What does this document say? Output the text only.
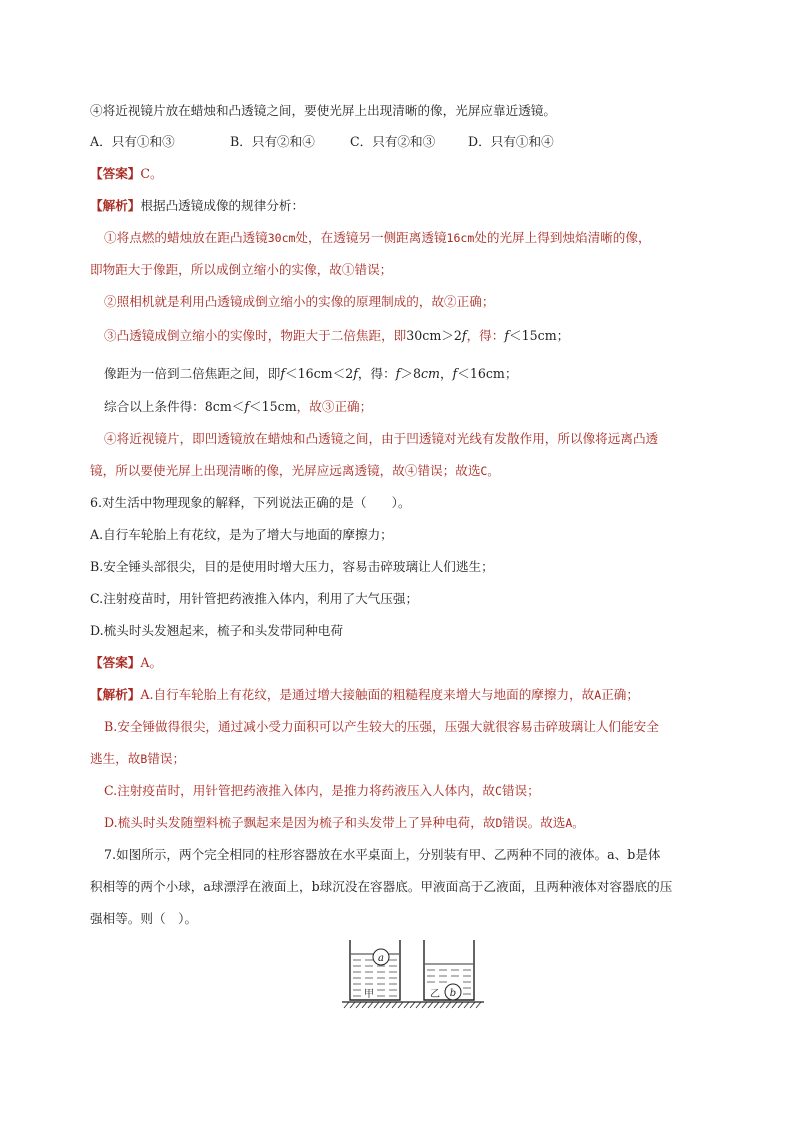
④将近视镜片放在蜡烛和凸透镜之间，要使光屏上出现清晰的像，光屏应靠近透镜。
A．只有①和③	B．只有②和④	C．只有②和③	D．只有①和④
【答案】C。
【解析】根据凸透镜成像的规律分析：
①将点燃的蜡烛放在距凸透镜30cm处，在透镜另一侧距离透镜16cm处的光屏上得到烛焰清晰的像，
即物距大于像距，所以成倒立缩小的实像，故①错误；
②照相机就是利用凸透镜成倒立缩小的实像的原理制成的，故②正确；
③凸透镜成倒立缩小的实像时，物距大于二倍焦距，即30cm＞2f，得：f＜15cm；
像距为一倍到二倍焦距之间，即f＜16cm＜2f，得：f＞8cm，f＜16cm；
综合以上条件得：8cm＜f＜15cm，故③正确；
④将近视镜片，即凹透镜放在蜡烛和凸透镜之间，由于凹透镜对光线有发散作用，所以像将远离凸透
镜，所以要使光屏上出现清晰的像，光屏应远离透镜，故④错误；故选C。
6.对生活中物理现象的解释，下列说法正确的是（　　）。
A.自行车轮胎上有花纹，是为了增大与地面的摩擦力；
B.安全锤头部很尖，目的是使用时增大压力，容易击碎玻璃让人们逃生；
C.注射疫苗时，用针管把药液推入体内，利用了大气压强；
D.梳头时头发翘起来，梳子和头发带同种电荷
【答案】A。
【解析】A.自行车轮胎上有花纹，是通过增大接触面的粗糙程度来增大与地面的摩擦力，故A正确；
B.安全锤做得很尖，通过减小受力面积可以产生较大的压强，压强大就很容易击碎玻璃让人们能安全
逃生，故B错误；
C.注射疫苗时，用针管把药液推入体内，是推力将药液压入人体内，故C错误；
D.梳头时头发随塑料梳子飘起来是因为梳子和头发带上了异种电荷，故D错误。故选A。
7.如图所示，两个完全相同的柱形容器放在水平桌面上，分别装有甲、乙两种不同的液体。a、b是体
积相等的两个小球，a球漂浮在液面上，b球沉没在容器底。甲液面高于乙液面，且两种液体对容器底的压
强相等。则（　）。
a
甲	b
乙
